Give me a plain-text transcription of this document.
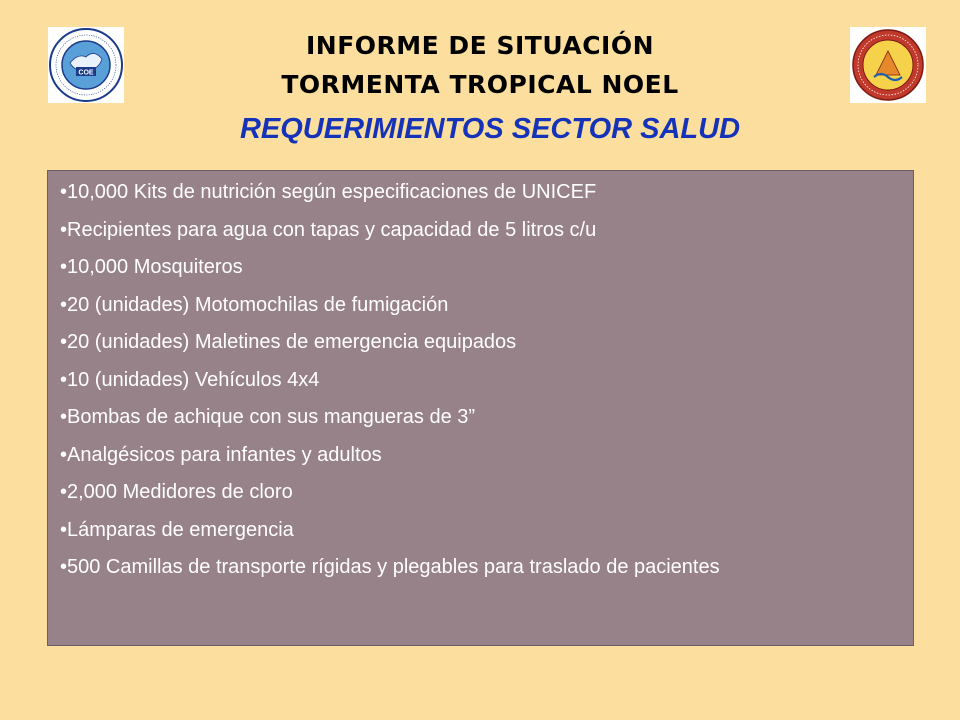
COE
INFORME DE SITUACIÓN
TORMENTA TROPICAL NOEL
REQUERIMIENTOS SECTOR SALUD
•10,000 Kits de nutrición según especificaciones de UNICEF
•Recipientes para agua con tapas y capacidad de 5 litros c/u
•10,000 Mosquiteros
•20 (unidades) Motomochilas de fumigación
•20 (unidades) Maletines de emergencia equipados
•10 (unidades) Vehículos 4x4
•Bombas de achique con sus mangueras de 3”
•Analgésicos para infantes y adultos
•2,000 Medidores de cloro
•Lámparas de emergencia
•500 Camillas de transporte rígidas y plegables para traslado de pacientes
